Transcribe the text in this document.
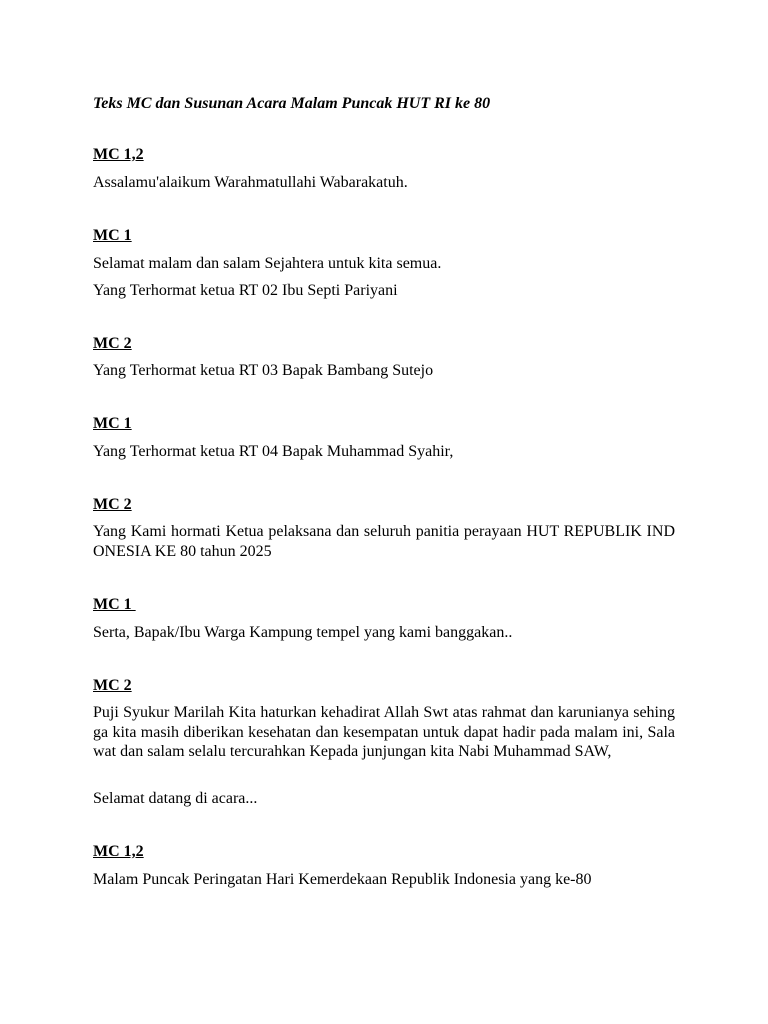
Teks MC dan Susunan Acara Malam Puncak HUT RI ke 80
MC 1,2
Assalamu'alaikum Warahmatullahi Wabarakatuh.
MC 1
Selamat malam dan salam Sejahtera untuk kita semua.
Yang Terhormat ketua RT 02 Ibu Septi Pariyani
MC 2
Yang Terhormat ketua RT 03 Bapak Bambang Sutejo
MC 1
Yang Terhormat ketua RT 04 Bapak Muhammad Syahir,
MC 2
Yang Kami hormati Ketua pelaksana dan seluruh panitia perayaan HUT REPUBLIK INDONESIA KE 80 tahun 2025
MC 1
Serta, Bapak/Ibu Warga Kampung tempel yang kami banggakan..
MC 2
Puji Syukur Marilah Kita haturkan kehadirat Allah Swt atas rahmat dan karunianya sehingga kita masih diberikan kesehatan dan kesempatan untuk dapat hadir pada malam ini, Salawat dan salam selalu tercurahkan Kepada junjungan kita Nabi Muhammad SAW,
Selamat datang di acara...
MC 1,2
Malam Puncak Peringatan Hari Kemerdekaan Republik Indonesia yang ke-80
